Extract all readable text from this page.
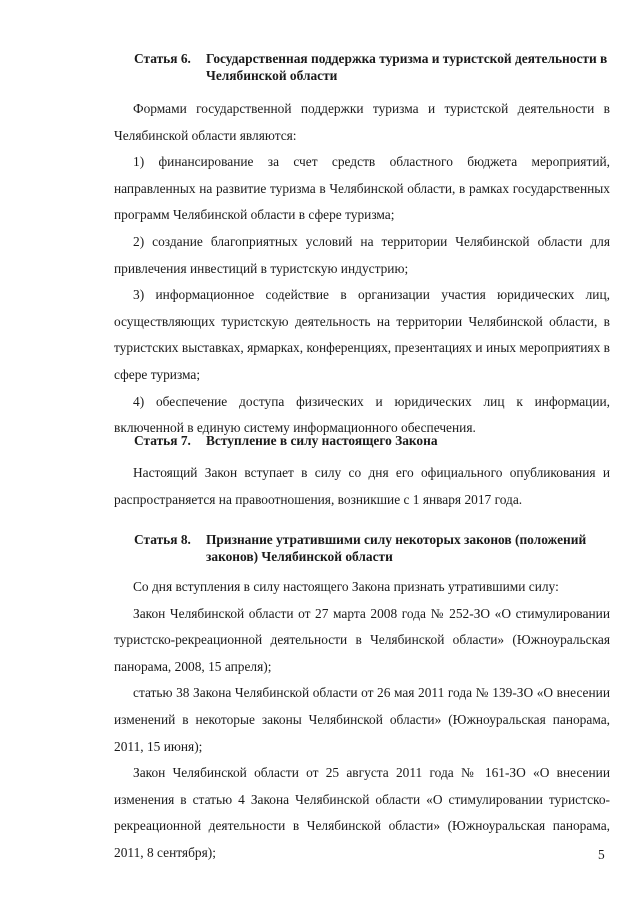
Статья 6. Государственная поддержка туризма и туристской деятельности в Челябинской области

Формами государственной поддержки туризма и туристской деятельности в Челябинской области являются:

1) финансирование за счет средств областного бюджета мероприятий, направленных на развитие туризма в Челябинской области, в рамках государственных программ Челябинской области в сфере туризма;

2) создание благоприятных условий на территории Челябинской области для привлечения инвестиций в туристскую индустрию;

3) информационное содействие в организации участия юридических лиц, осуществляющих туристскую деятельность на территории Челябинской области, в туристских выставках, ярмарках, конференциях, презентациях и иных мероприятиях в сфере туризма;

4) обеспечение доступа физических и юридических лиц к информации, включенной в единую систему информационного обеспечения.

Статья 7. Вступление в силу настоящего Закона

Настоящий Закон вступает в силу со дня его официального опубликования и распространяется на правоотношения, возникшие с 1 января 2017 года.

Статья 8. Признание утратившими силу некоторых законов (положений законов) Челябинской области

Со дня вступления в силу настоящего Закона признать утратившими силу:

Закон Челябинской области от 27 марта 2008 года № 252-ЗО «О стимулировании туристско-рекреационной деятельности в Челябинской области» (Южноуральская панорама, 2008, 15 апреля);

статью 38 Закона Челябинской области от 26 мая 2011 года № 139-ЗО «О внесении изменений в некоторые законы Челябинской области» (Южноуральская панорама, 2011, 15 июня);

Закон Челябинской области от 25 августа 2011 года № 161-ЗО «О внесении изменения в статью 4 Закона Челябинской области «О стимулировании туристско-рекреационной деятельности в Челябинской области» (Южноуральская панорама, 2011, 8 сентября);	5
